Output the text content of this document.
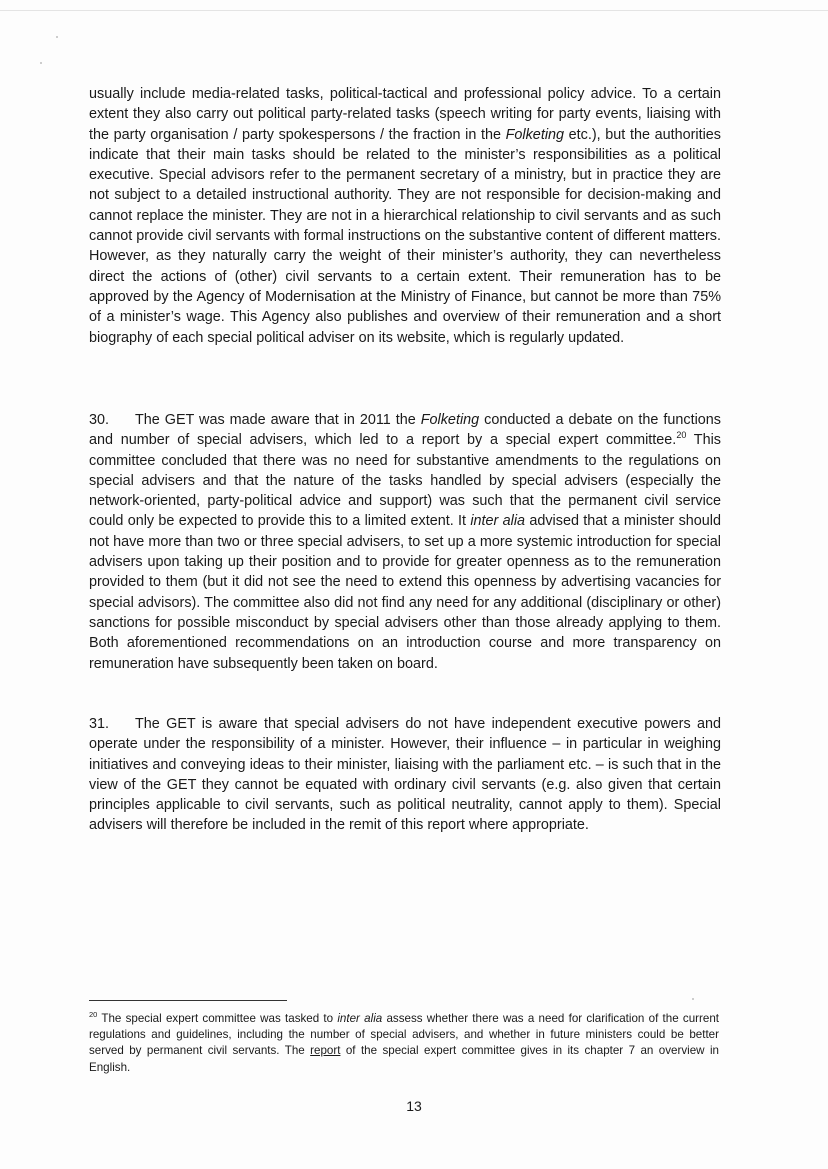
usually include media-related tasks, political-tactical and professional policy advice. To a certain extent they also carry out political party-related tasks (speech writing for party events, liaising with the party organisation / party spokespersons / the fraction in the Folketing etc.), but the authorities indicate that their main tasks should be related to the minister’s responsibilities as a political executive. Special advisors refer to the permanent secretary of a ministry, but in practice they are not subject to a detailed instructional authority. They are not responsible for decision-making and cannot replace the minister. They are not in a hierarchical relationship to civil servants and as such cannot provide civil servants with formal instructions on the substantive content of different matters. However, as they naturally carry the weight of their minister’s authority, they can nevertheless direct the actions of (other) civil servants to a certain extent. Their remuneration has to be approved by the Agency of Modernisation at the Ministry of Finance, but cannot be more than 75% of a minister’s wage. This Agency also publishes and overview of their remuneration and a short biography of each special political adviser on its website, which is regularly updated.

30. The GET was made aware that in 2011 the Folketing conducted a debate on the functions and number of special advisers, which led to a report by a special expert committee.$^{20}$ This committee concluded that there was no need for substantive amendments to the regulations on special advisers and that the nature of the tasks handled by special advisers (especially the network-oriented, party-political advice and support) was such that the permanent civil service could only be expected to provide this to a limited extent. It inter alia advised that a minister should not have more than two or three special advisers, to set up a more systemic introduction for special advisers upon taking up their position and to provide for greater openness as to the remuneration provided to them (but it did not see the need to extend this openness by advertising vacancies for special advisors). The committee also did not find any need for any additional (disciplinary or other) sanctions for possible misconduct by special advisers other than those already applying to them. Both aforementioned recommendations on an introduction course and more transparency on remuneration have subsequently been taken on board.

31. The GET is aware that special advisers do not have independent executive powers and operate under the responsibility of a minister. However, their influence – in particular in weighing initiatives and conveying ideas to their minister, liaising with the parliament etc. – is such that in the view of the GET they cannot be equated with ordinary civil servants (e.g. also given that certain principles applicable to civil servants, such as political neutrality, cannot apply to them). Special advisers will therefore be included in the remit of this report where appropriate.

$^{20}$ The special expert committee was tasked to inter alia assess whether there was a need for clarification of the current regulations and guidelines, including the number of special advisers, and whether in future ministers could be better served by permanent civil servants. The report of the special expert committee gives in its chapter 7 an overview in English.

13
